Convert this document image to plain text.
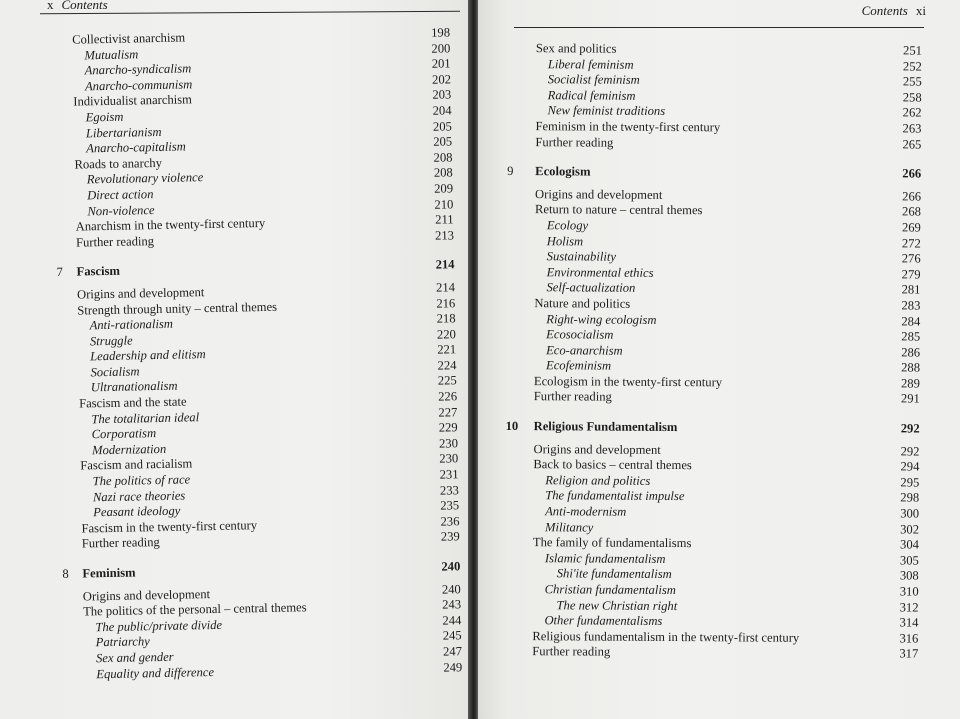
x Contents
Collectivist anarchism	198
Mutualism	200
Anarcho-syndicalism	201
Anarcho-communism	202
Individualist anarchism	203
Egoism	204
Libertarianism	205
Anarcho-capitalism	205
Roads to anarchy	208
Revolutionary violence	208
Direct action	209
Non-violence	210
Anarchism in the twenty-first century	211
Further reading	213
7 Fascism	214
Origins and development	214
Strength through unity – central themes	216
Anti-rationalism	218
Struggle	220
Leadership and elitism	221
Socialism	224
Ultranationalism	225
Fascism and the state	226
The totalitarian ideal	227
Corporatism	229
Modernization	230
Fascism and racialism	230
The politics of race	231
Nazi race theories	233
Peasant ideology	235
Fascism in the twenty-first century	236
Further reading	239
8 Feminism	240
Origins and development	240
The politics of the personal – central themes	243
The public/private divide	244
Patriarchy	245
Sex and gender	247
Equality and difference	249
Contents xi
Sex and politics	251
Liberal feminism	252
Socialist feminism	255
Radical feminism	258
New feminist traditions	262
Feminism in the twenty-first century	263
Further reading	265
9 Ecologism	266
Origins and development	266
Return to nature – central themes	268
Ecology	269
Holism	272
Sustainability	276
Environmental ethics	279
Self-actualization	281
Nature and politics	283
Right-wing ecologism	284
Ecosocialism	285
Eco-anarchism	286
Ecofeminism	288
Ecologism in the twenty-first century	289
Further reading	291
10 Religious Fundamentalism	292
Origins and development	292
Back to basics – central themes	294
Religion and politics	295
The fundamentalist impulse	298
Anti-modernism	300
Militancy	302
The family of fundamentalisms	304
Islamic fundamentalism	305
Shi'ite fundamentalism	308
Christian fundamentalism	310
The new Christian right	312
Other fundamentalisms	314
Religious fundamentalism in the twenty-first century	316
Further reading	317
